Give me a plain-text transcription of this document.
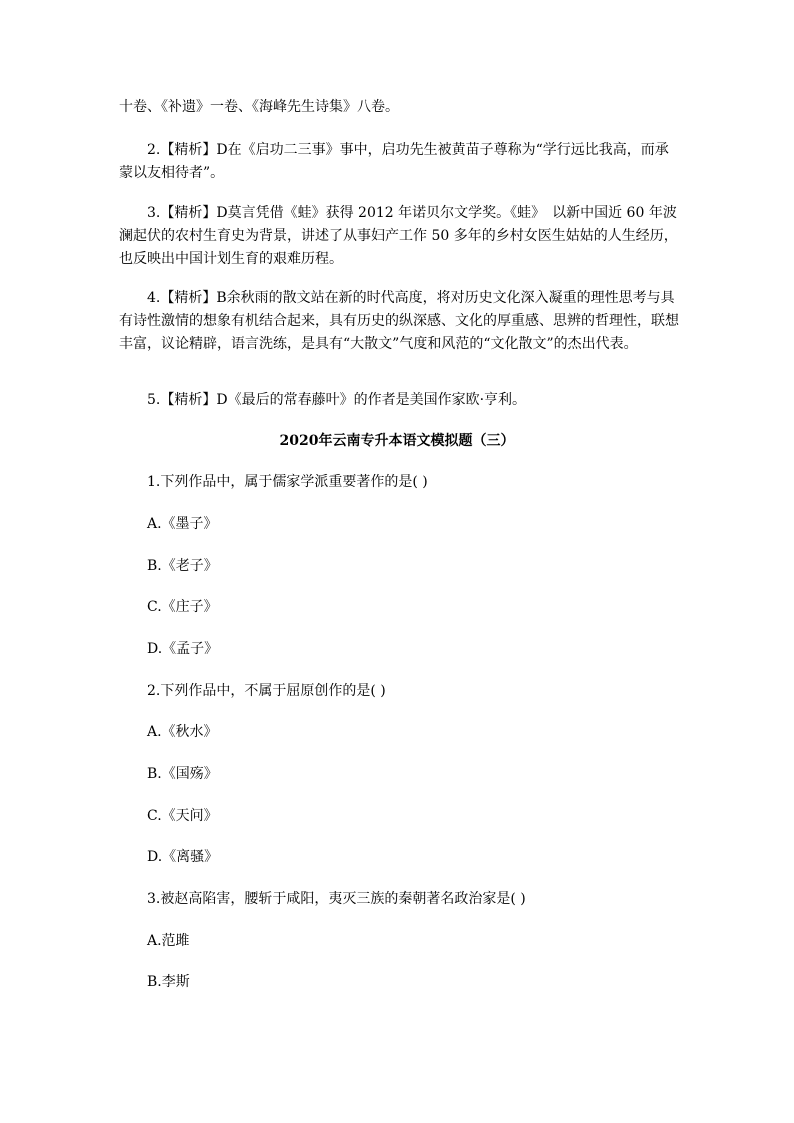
十卷、《补遗》一卷、《海峰先生诗集》八卷。

2.【精析】D在《启功二三事》事中，启功先生被黄苗子尊称为“学行远比我高，而承蒙以友相待者”。

3.【精析】D莫言凭借《蛙》获得 2012 年诺贝尔文学奖。《蛙》　以新中国近 60 年波澜起伏的农村生育史为背景，讲述了从事妇产工作 50 多年的乡村女医生姑姑的人生经历，也反映出中国计划生育的艰难历程。

4.【精析】B余秋雨的散文站在新的时代高度，将对历史文化深入凝重的理性思考与具有诗性激情的想象有机结合起来，具有历史的纵深感、文化的厚重感、思辨的哲理性，联想丰富，议论精辟，语言洗练，是具有“大散文”气度和风范的“文化散文”的杰出代表。

5.【精析】D《最后的常春藤叶》的作者是美国作家欧·亨利。

2020年云南专升本语文模拟题（三）

1.下列作品中，属于儒家学派重要著作的是( )

A.《墨子》

B.《老子》

C.《庄子》

D.《孟子》

2.下列作品中，不属于屈原创作的是( )

A.《秋水》

B.《国殇》

C.《天问》

D.《离骚》

3.被赵高陷害，腰斩于咸阳，夷灭三族的秦朝著名政治家是( )

A.范雎

B.李斯
